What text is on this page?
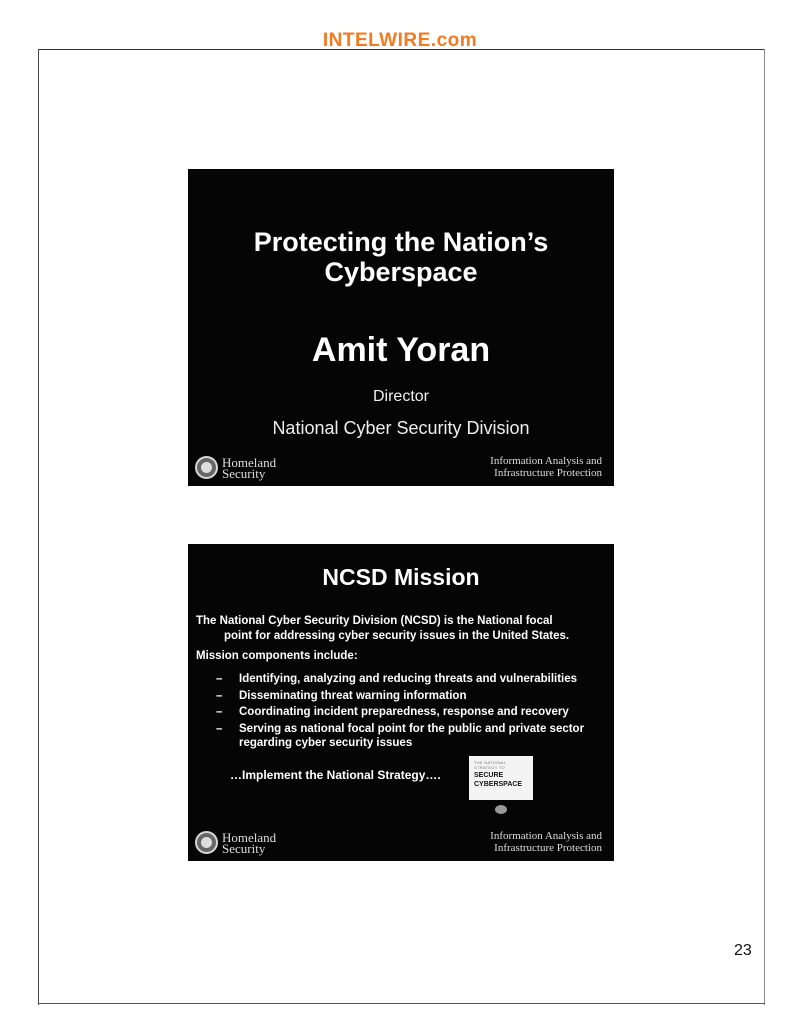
INTELWIRE.com
Protecting the Nation’s
Cyberspace
Amit Yoran
Director
National Cyber Security Division
Homeland
Security
Information Analysis and
Infrastructure Protection
NCSD Mission
The National Cyber Security Division (NCSD) is the National focal
point for addressing cyber security issues in the United States.
Mission components include:
– Identifying, analyzing and reducing threats and vulnerabilities
– Disseminating threat warning information
– Coordinating incident preparedness, response and recovery
– Serving as national focal point for the public and private sector regarding cyber security issues
…Implement the National Strategy….
THE NATIONAL STRATEGY TO
SECURE
CYBERSPACE
Homeland
Security
Information Analysis and
Infrastructure Protection
23
